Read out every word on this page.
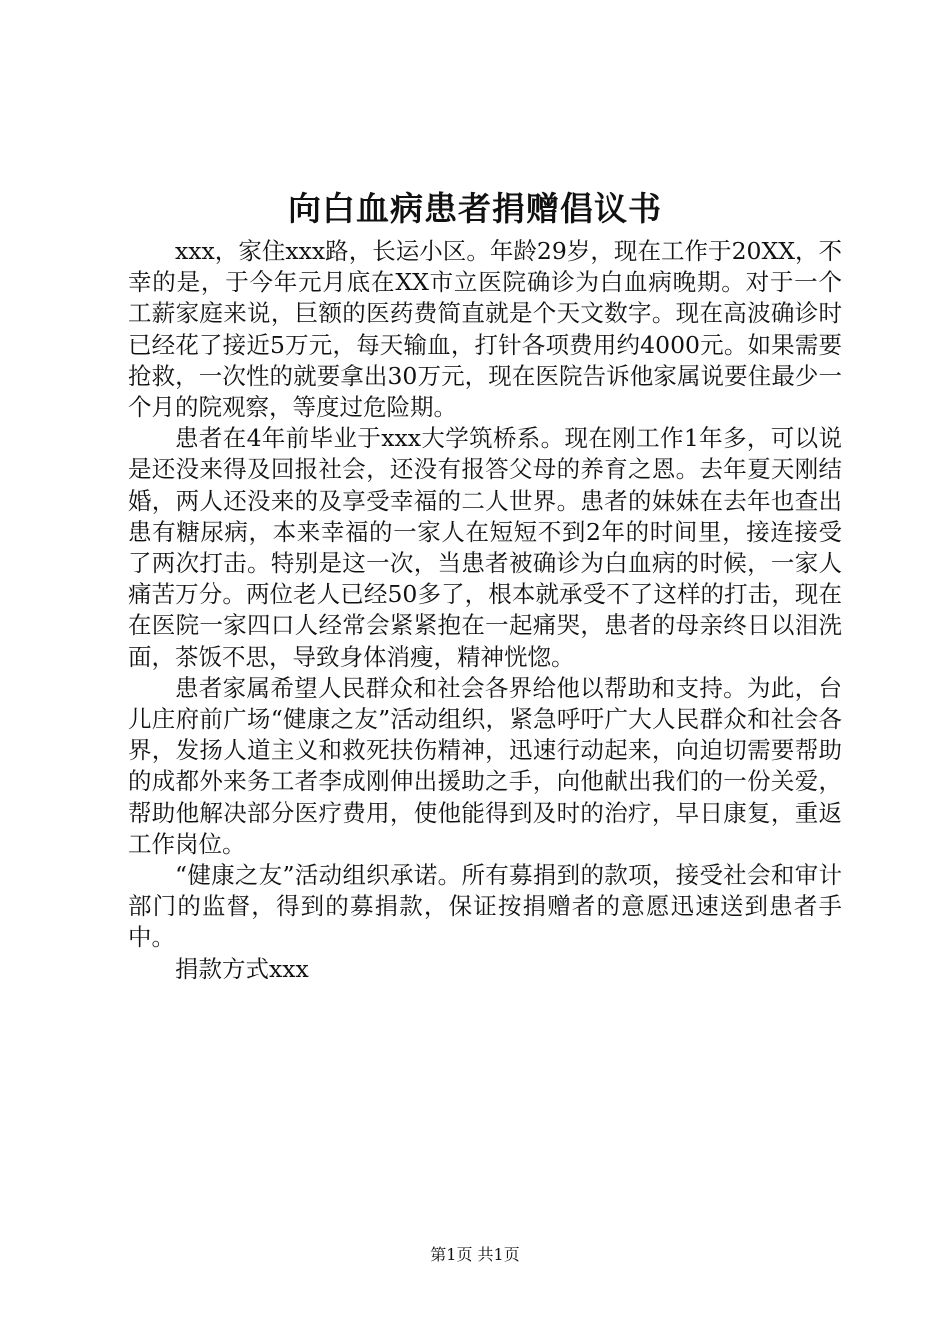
向白血病患者捐赠倡议书

xxx，家住xxx路，长运小区。年龄29岁，现在工作于20XX，不幸的是，于今年元月底在XX市立医院确诊为白血病晚期。对于一个工薪家庭来说，巨额的医药费简直就是个天文数字。现在高波确诊时已经花了接近5万元，每天输血，打针各项费用约4000元。如果需要抢救，一次性的就要拿出30万元，现在医院告诉他家属说要住最少一个月的院观察，等度过危险期。

患者在4年前毕业于xxx大学筑桥系。现在刚工作1年多，可以说是还没来得及回报社会，还没有报答父母的养育之恩。去年夏天刚结婚，两人还没来的及享受幸福的二人世界。患者的妹妹在去年也查出患有糖尿病，本来幸福的一家人在短短不到2年的时间里，接连接受了两次打击。特别是这一次，当患者被确诊为白血病的时候，一家人痛苦万分。两位老人已经50多了，根本就承受不了这样的打击，现在在医院一家四口人经常会紧紧抱在一起痛哭，患者的母亲终日以泪洗面，茶饭不思，导致身体消瘦，精神恍惚。

患者家属希望人民群众和社会各界给他以帮助和支持。为此，台儿庄府前广场“健康之友”活动组织，紧急呼吁广大人民群众和社会各界，发扬人道主义和救死扶伤精神，迅速行动起来，向迫切需要帮助的成都外来务工者李成刚伸出援助之手，向他献出我们的一份关爱，帮助他解决部分医疗费用，使他能得到及时的治疗，早日康复，重返工作岗位。

“健康之友”活动组织承诺。所有募捐到的款项，接受社会和审计部门的监督，得到的募捐款，保证按捐赠者的意愿迅速送到患者手中。

捐款方式xxx

第1页 共1页
